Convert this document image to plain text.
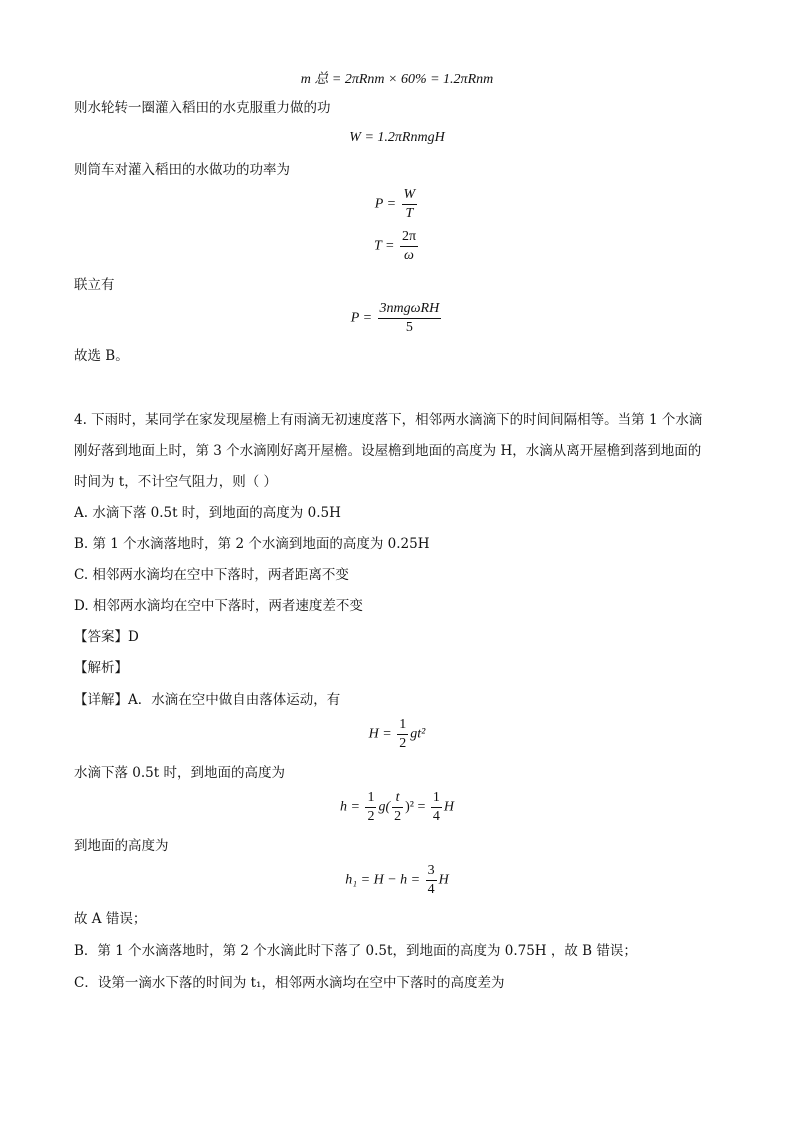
m 总 = 2πRnm × 60% = 1.2πRnm
则水轮转一圈灌入稻田的水克服重力做的功
W = 1.2πRnmgH
则筒车对灌入稻田的水做功的功率为
$P = \frac{W}{T}$
$T = \frac{2\pi}{\omega}$
联立有
$P = \frac{\text{3nmgωRH}}{5}$
故选 B。
4. 下雨时，某同学在家发现屋檐上有雨滴无初速度落下，相邻两水滴滴下的时间间隔相等。当第 1 个水滴
刚好落到地面上时，第 3 个水滴刚好离开屋檐。设屋檐到地面的高度为 H，水滴从离开屋檐到落到地面的
时间为 t，不计空气阻力，则（ ）
A. 水滴下落 0.5t 时，到地面的高度为 0.5H
B. 第 1 个水滴落地时，第 2 个水滴到地面的高度为 0.25H
C. 相邻两水滴均在空中下落时，两者距离不变
D. 相邻两水滴均在空中下落时，两者速度差不变
【答案】D
【解析】
【详解】A．水滴在空中做自由落体运动，有
$H = \frac{1}{2} gt^2$
水滴下落 0.5t 时，到地面的高度为
$h = \frac{1}{2} g( \frac{t}{2} )^2 = \frac{1}{4}$ H
到地面的高度为
$h_1 = H - h = \frac{3}{4}$ H
故 A 错误；
B．第 1 个水滴落地时，第 2 个水滴此时下落了 0.5t，到地面的高度为 0.75H ，故 B 错误；
C．设第一滴水下落的时间为 t₁，相邻两水滴均在空中下落时的高度差为
